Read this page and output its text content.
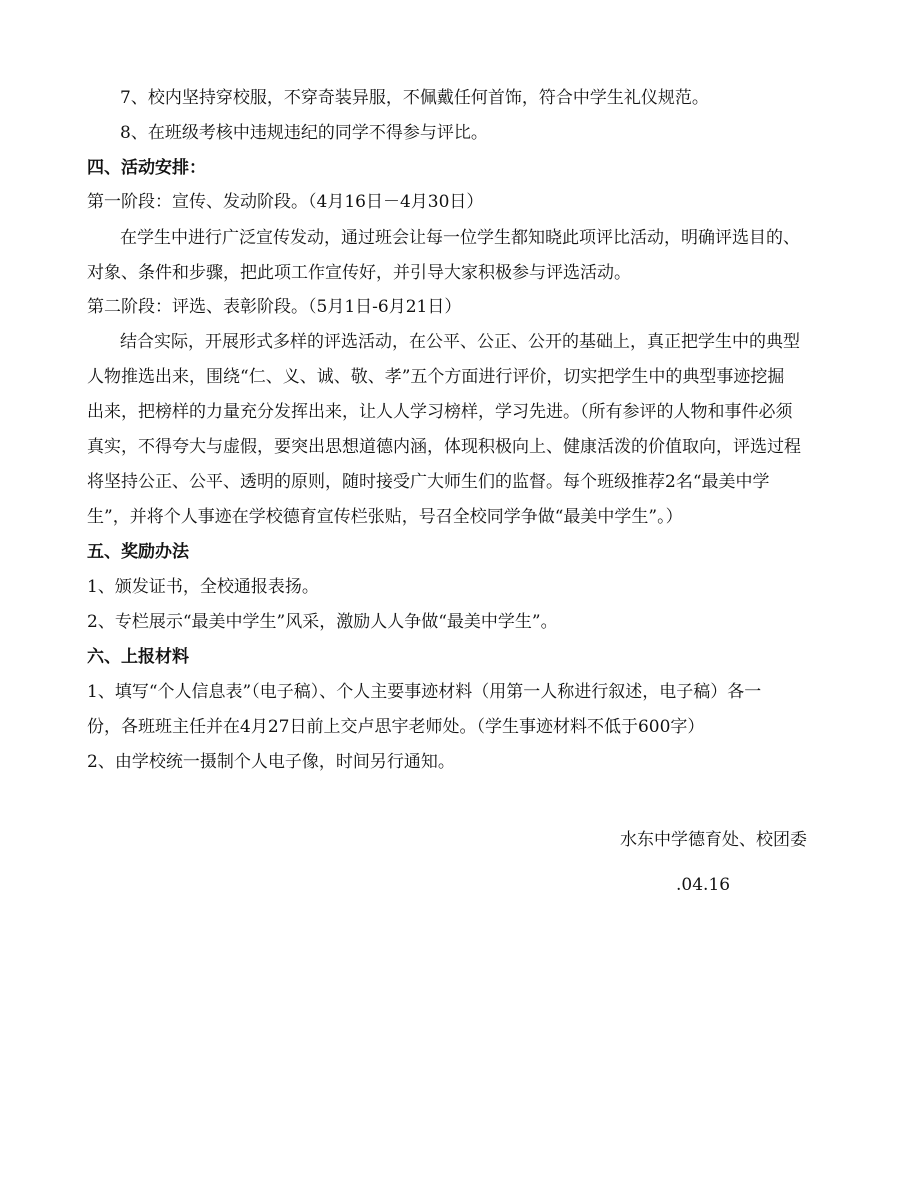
7、校内坚持穿校服，不穿奇装异服，不佩戴任何首饰，符合中学生礼仪规范。
8、在班级考核中违规违纪的同学不得参与评比。
四、活动安排：
第一阶段：宣传、发动阶段。（4月16日－4月30日）
在学生中进行广泛宣传发动，通过班会让每一位学生都知晓此项评比活动，明确评选目的、
对象、条件和步骤，把此项工作宣传好，并引导大家积极参与评选活动。
第二阶段：评选、表彰阶段。（5月1日-6月21日）
结合实际，开展形式多样的评选活动，在公平、公正、公开的基础上，真正把学生中的典型
人物推选出来，围绕“仁、义、诚、敬、孝”五个方面进行评价，切实把学生中的典型事迹挖掘
出来，把榜样的力量充分发挥出来，让人人学习榜样，学习先进。（所有参评的人物和事件必须
真实，不得夸大与虚假，要突出思想道德内涵，体现积极向上、健康活泼的价值取向，评选过程
将坚持公正、公平、透明的原则，随时接受广大师生们的监督。每个班级推荐2名“最美中学
生”，并将个人事迹在学校德育宣传栏张贴，号召全校同学争做“最美中学生”。）
五、奖励办法
1、颁发证书，全校通报表扬。
2、专栏展示“最美中学生”风采，激励人人争做“最美中学生”。
六、上报材料
1、填写“个人信息表”（电子稿）、个人主要事迹材料（用第一人称进行叙述，电子稿）各一
份，各班班主任并在4月27日前上交卢思宇老师处。（学生事迹材料不低于600字）
2、由学校统一摄制个人电子像，时间另行通知。
水东中学德育处、校团委
.04.16
